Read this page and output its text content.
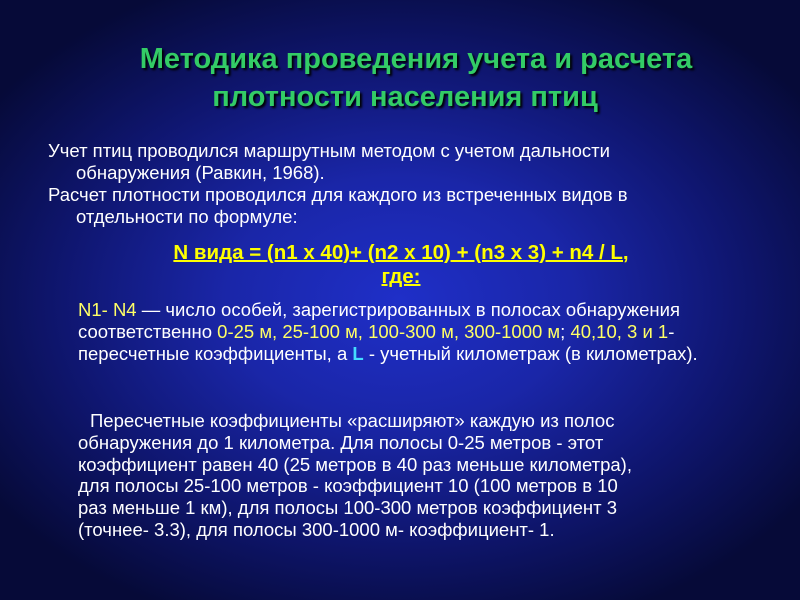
Методика проведения учета и расчета
плотности населения птиц

Учет птиц проводился маршрутным методом с учетом дальности
обнаружения (Равкин, 1968).

Расчет плотности проводился для каждого из встреченных видов в
отдельности по формуле:

N вида = (n1 х 40)+ (n2 х 10) + (n3 х 3) + n4 / L,
где:
N1- N4 — число особей, зарегистрированных в полосах обнаружения соответственно 0-25 м, 25-100 м, 100-300 м, 300-1000 м; 40,10, 3 и 1- пересчетные коэффициенты, а L - учетный километраж (в километрах).
Пересчетные коэффициенты «расширяют» каждую из полос
обнаружения до 1 километра. Для полосы 0-25 метров - этот
коэффициент равен 40 (25 метров в 40 раз меньше километра),
для полосы 25-100 метров - коэффициент 10 (100 метров в 10
раз меньше 1 км), для полосы 100-300 метров коэффициент 3
(точнее- 3.3), для полосы 300-1000 м- коэффициент- 1.
